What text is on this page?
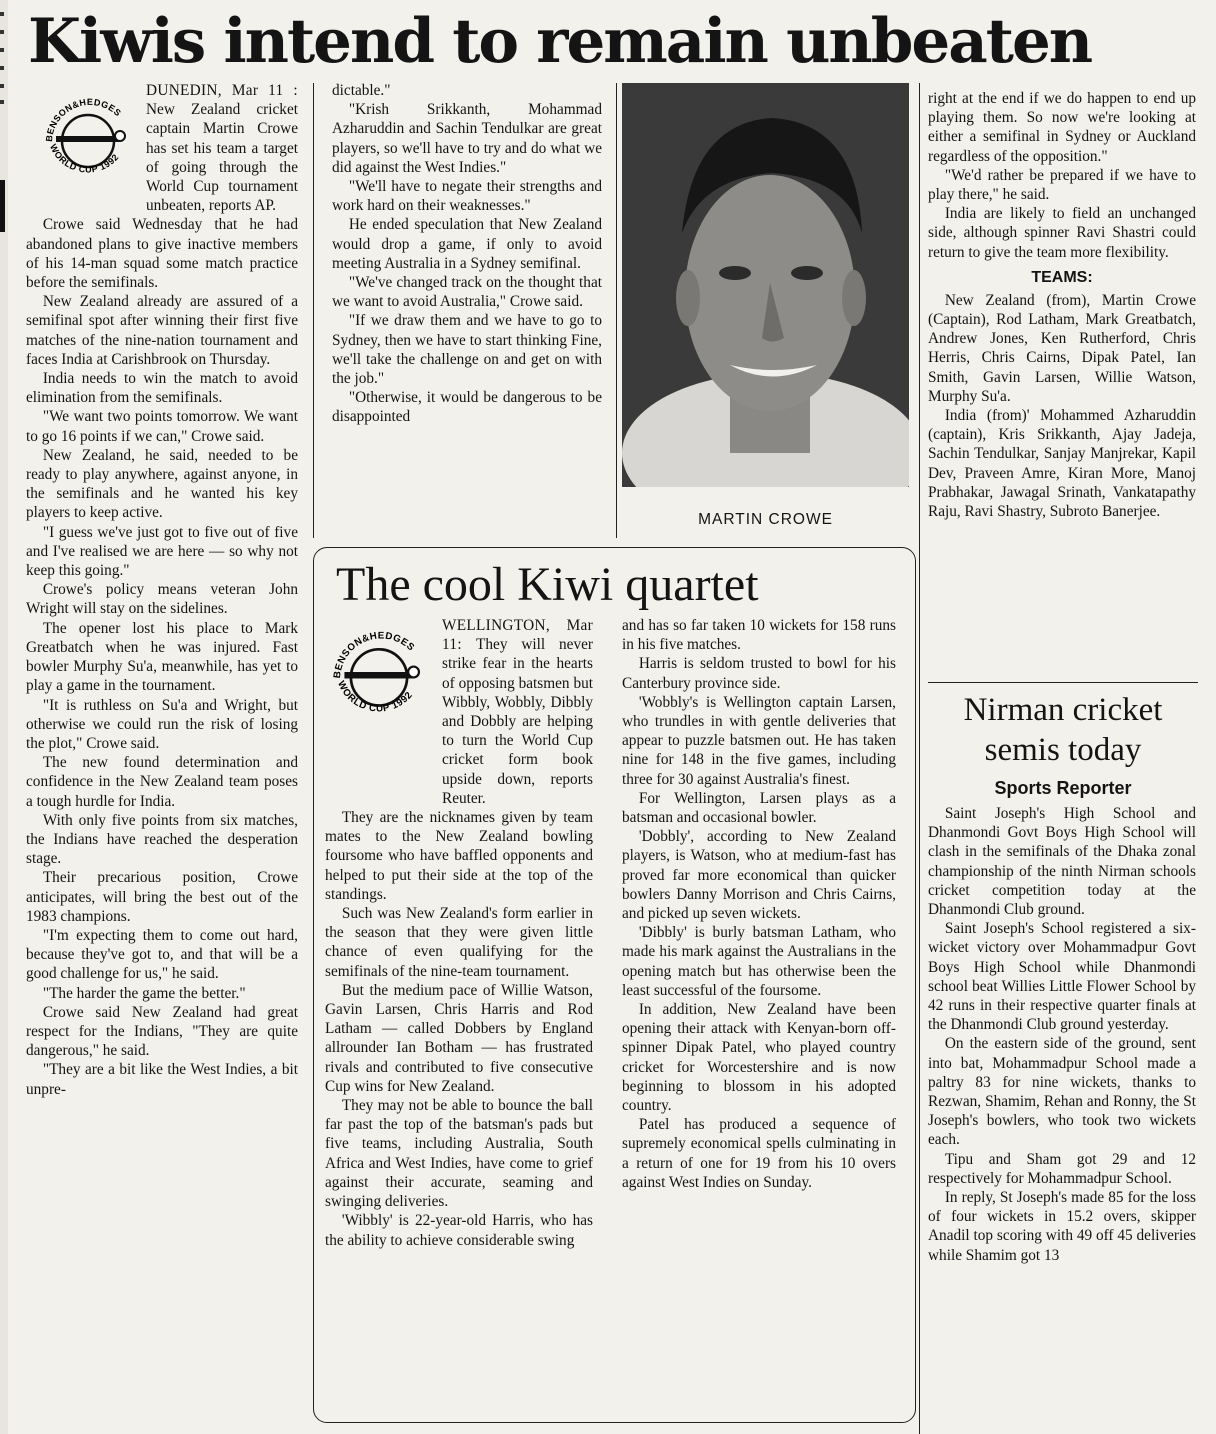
Kiwis intend to remain unbeaten
BENSON&HEDGES
WORLD CUP 1992

DUNEDIN, Mar 11 : New Zealand cricket captain Martin Crowe has set his team a target of going through the World Cup tournament unbeaten, reports AP.

Crowe said Wednesday that he had abandoned plans to give inactive members of his 14-man squad some match practice before the semifinals.

New Zealand already are assured of a semifinal spot after winning their first five matches of the nine-nation tournament and faces India at Carishbrook on Thursday.

India needs to win the match to avoid elimination from the semifinals.

"We want two points tomorrow. We want to go 16 points if we can," Crowe said.

New Zealand, he said, needed to be ready to play anywhere, against anyone, in the semifinals and he wanted his key players to keep active.

"I guess we've just got to five out of five and I've realised we are here — so why not keep this going."

Crowe's policy means veteran John Wright will stay on the sidelines.

The opener lost his place to Mark Greatbatch when he was injured. Fast bowler Murphy Su'a, meanwhile, has yet to play a game in the tournament.

"It is ruthless on Su'a and Wright, but otherwise we could run the risk of losing the plot," Crowe said.

The new found determination and confidence in the New Zealand team poses a tough hurdle for India.

With only five points from six matches, the Indians have reached the desperation stage.

Their precarious position, Crowe anticipates, will bring the best out of the 1983 champions.

"I'm expecting them to come out hard, because they've got to, and that will be a good challenge for us," he said.

"The harder the game the better."

Crowe said New Zealand had great respect for the Indians, "They are quite dangerous," he said.

"They are a bit like the West Indies, a bit unpre-

dictable."

"Krish Srikkanth, Mohammad Azharuddin and Sachin Tendulkar are great players, so we'll have to try and do what we did against the West Indies."

"We'll have to negate their strengths and work hard on their weaknesses."

He ended speculation that New Zealand would drop a game, if only to avoid meeting Australia in a Sydney semifinal.

"We've changed track on the thought that we want to avoid Australia," Crowe said.

"If we draw them and we have to go to Sydney, then we have to start thinking Fine, we'll take the challenge on and get on with the job."

"Otherwise, it would be dangerous to be disappointed

MARTIN CROWE

right at the end if we do happen to end up playing them. So now we're looking at either a semifinal in Sydney or Auckland regardless of the opposition."

"We'd rather be prepared if we have to play there," he said.

India are likely to field an unchanged side, although spinner Ravi Shastri could return to give the team more flexibility.

TEAMS:

New Zealand (from), Martin Crowe (Captain), Rod Latham, Mark Greatbatch, Andrew Jones, Ken Rutherford, Chris Herris, Chris Cairns, Dipak Patel, Ian Smith, Gavin Larsen, Willie Watson, Murphy Su'a.

India (from)' Mohammed Azharuddin (captain), Kris Srikkanth, Ajay Jadeja, Sachin Tendulkar, Sanjay Manjrekar, Kapil Dev, Praveen Amre, Kiran More, Manoj Prabhakar, Jawagal Srinath, Vankatapathy Raju, Ravi Shastry, Subroto Banerjee.

Nirman cricket
semis today
Sports Reporter

Saint Joseph's High School and Dhanmondi Govt Boys High School will clash in the semifinals of the Dhaka zonal championship of the ninth Nirman schools cricket competition today at the Dhanmondi Club ground.

Saint Joseph's School registered a six-wicket victory over Mohammadpur Govt Boys High School while Dhanmondi school beat Willies Little Flower School by 42 runs in their respective quarter finals at the Dhanmondi Club ground yesterday.

On the eastern side of the ground, sent into bat, Mohammadpur School made a paltry 83 for nine wickets, thanks to Rezwan, Shamim, Rehan and Ronny, the St Joseph's bowlers, who took two wickets each.

Tipu and Sham got 29 and 12 respectively for Mohammadpur School.

In reply, St Joseph's made 85 for the loss of four wickets in 15.2 overs, skipper Anadil top scoring with 49 off 45 deliveries while Shamim got 13

The cool Kiwi quartet
BENSON&HEDGES
WORLD CUP 1992

WELLINGTON, Mar 11: They will never strike fear in the hearts of opposing batsmen but Wibbly, Wobbly, Dibbly and Dobbly are helping to turn the World Cup cricket form book upside down, reports Reuter.

They are the nicknames given by team mates to the New Zealand bowling foursome who have baffled opponents and helped to put their side at the top of the standings.

Such was New Zealand's form earlier in the season that they were given little chance of even qualifying for the semifinals of the nine-team tournament.

But the medium pace of Willie Watson, Gavin Larsen, Chris Harris and Rod Latham — called Dobbers by England allrounder Ian Botham — has frustrated rivals and contributed to five consecutive Cup wins for New Zealand.

They may not be able to bounce the ball far past the top of the batsman's pads but five teams, including Australia, South Africa and West Indies, have come to grief against their accurate, seaming and swinging deliveries.

'Wibbly' is 22-year-old Harris, who has the ability to achieve considerable swing

and has so far taken 10 wickets for 158 runs in his five matches.

Harris is seldom trusted to bowl for his Canterbury province side.

'Wobbly's is Wellington captain Larsen, who trundles in with gentle deliveries that appear to puzzle batsmen out. He has taken nine for 148 in the five games, including three for 30 against Australia's finest.

For Wellington, Larsen plays as a batsman and occasional bowler.

'Dobbly', according to New Zealand players, is Watson, who at medium-fast has proved far more economical than quicker bowlers Danny Morrison and Chris Cairns, and picked up seven wickets.

'Dibbly' is burly batsman Latham, who made his mark against the Australians in the opening match but has otherwise been the least successful of the foursome.

In addition, New Zealand have been opening their attack with Kenyan-born off-spinner Dipak Patel, who played country cricket for Worcestershire and is now beginning to blossom in his adopted country.

Patel has produced a sequence of supremely economical spells culminating in a return of one for 19 from his 10 overs against West Indies on Sunday.
